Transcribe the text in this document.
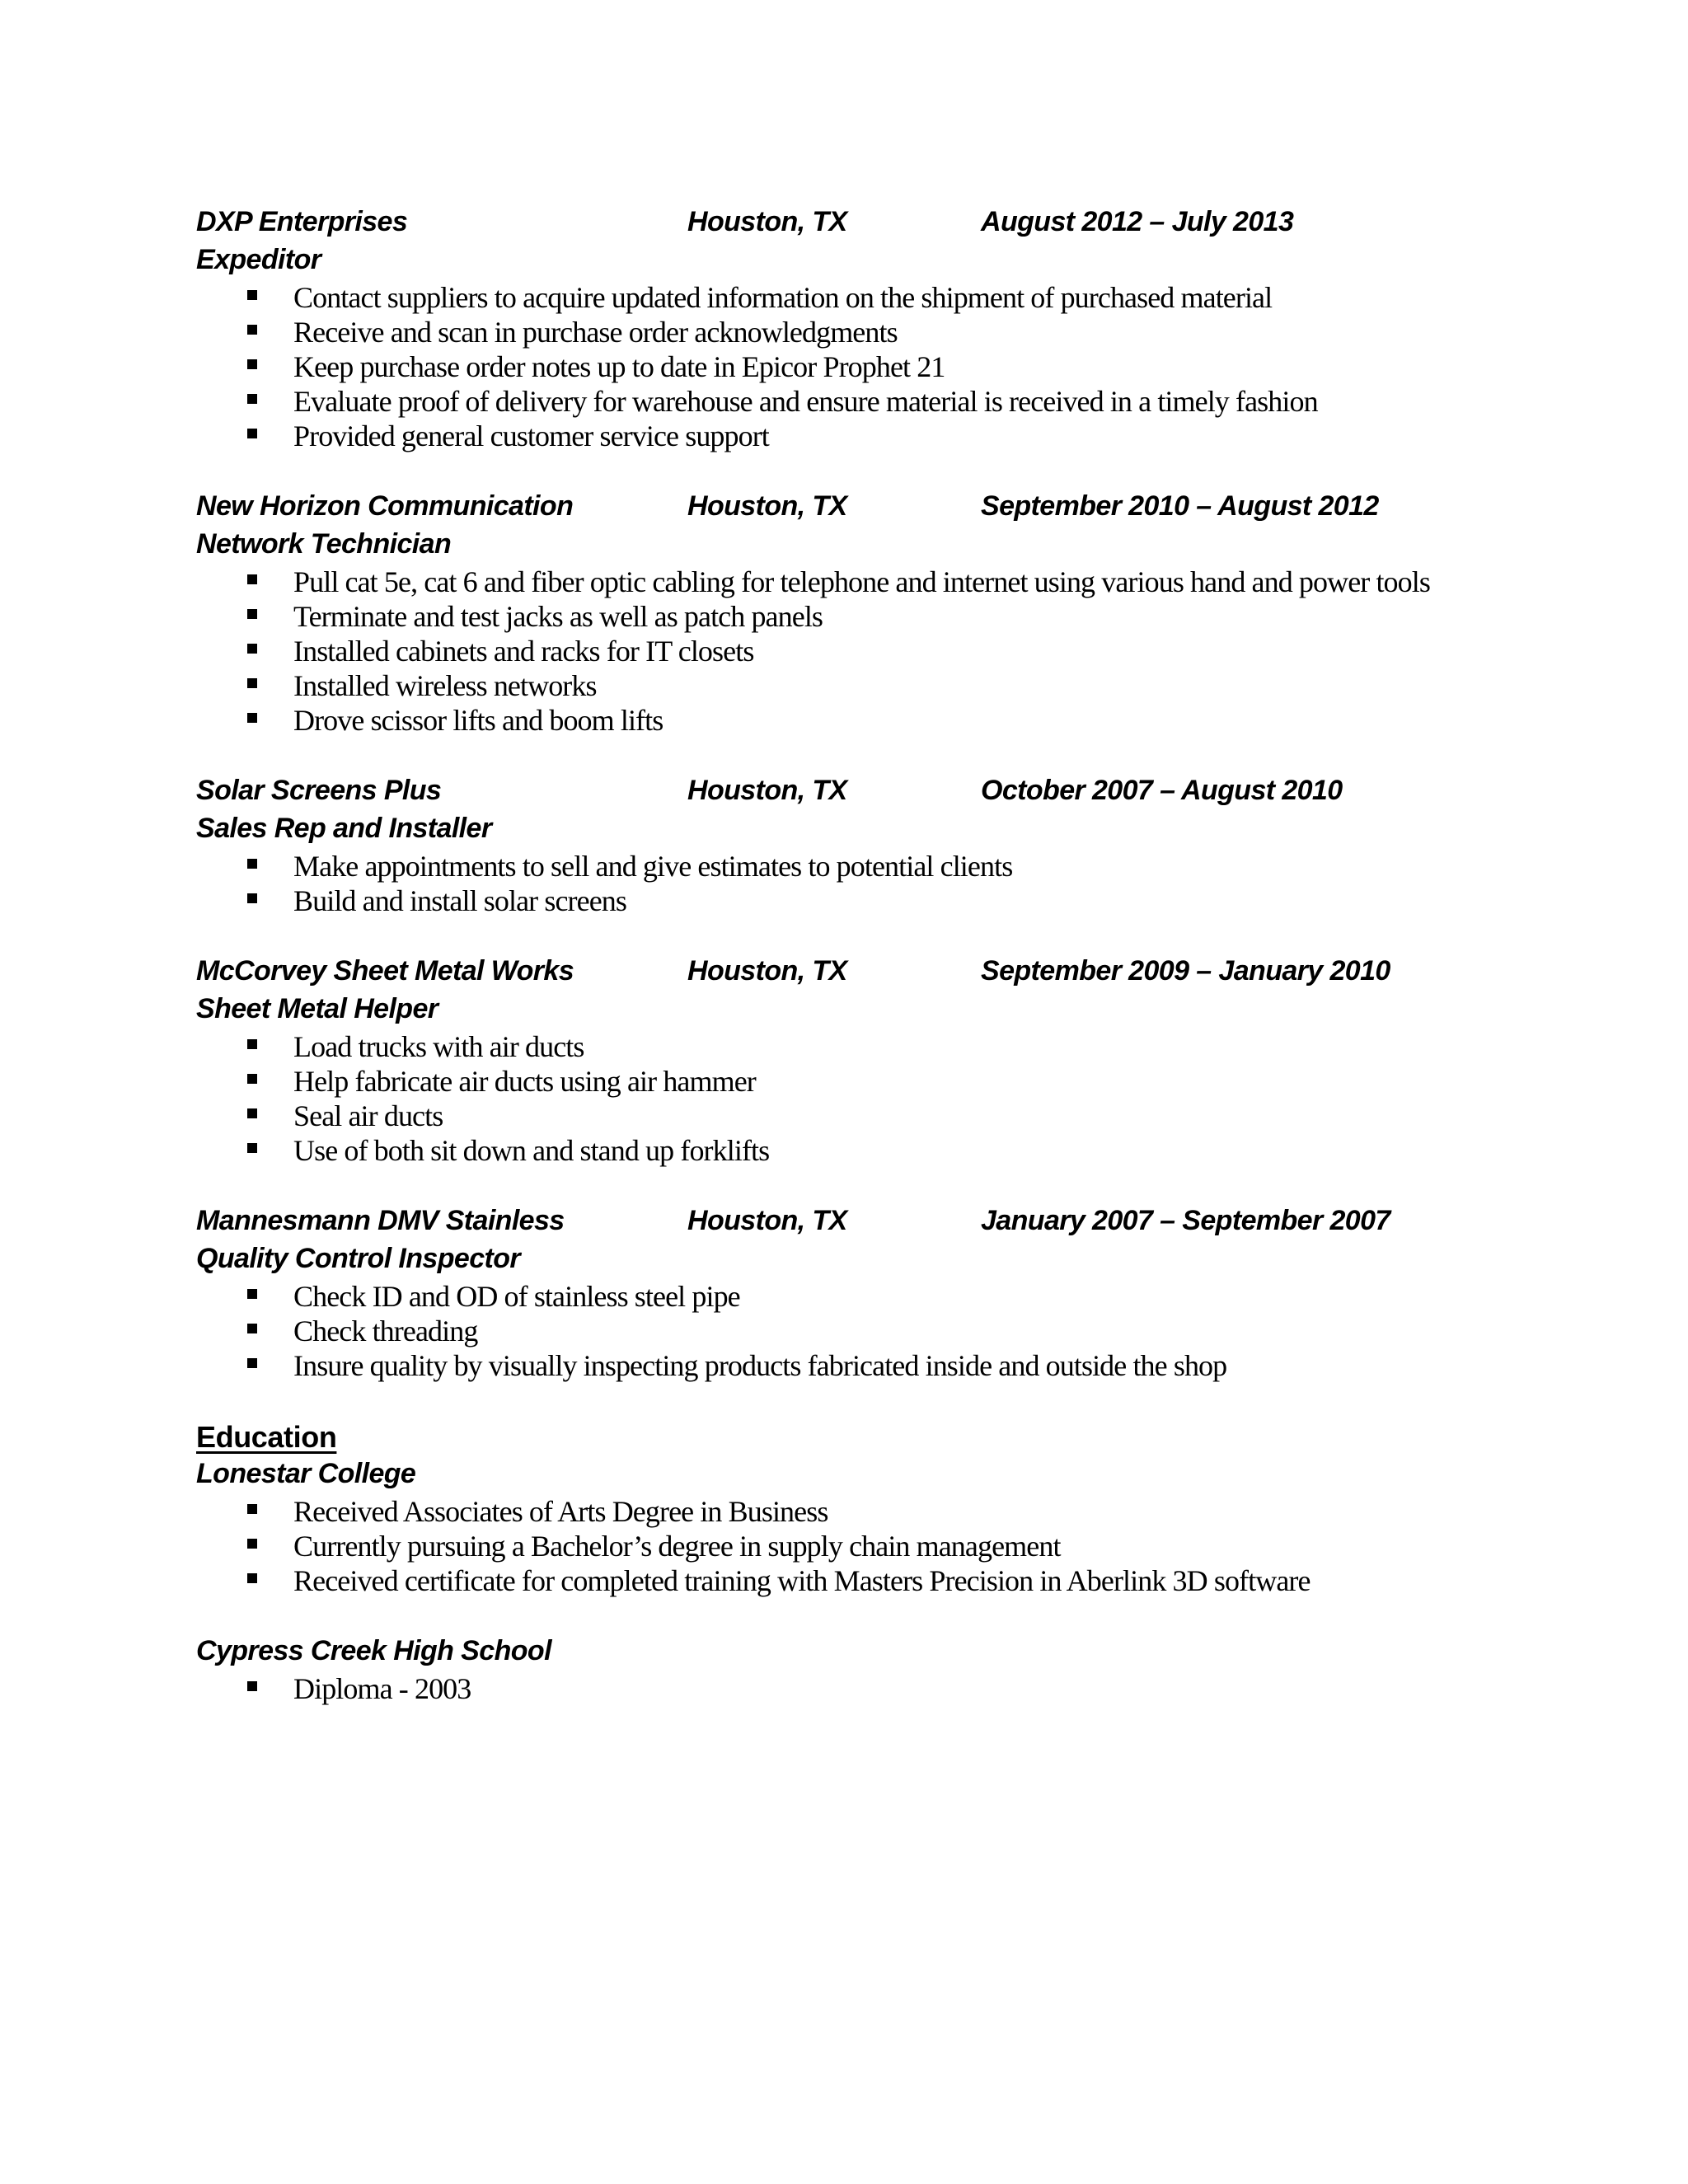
DXP Enterprises	Houston, TX	August 2012 – July 2013
Expeditor
Contact suppliers to acquire updated information on the shipment of purchased material
Receive and scan in purchase order acknowledgments
Keep purchase order notes up to date in Epicor Prophet 21
Evaluate proof of delivery for warehouse and ensure material is received in a timely fashion
Provided general customer service support
New Horizon Communication	Houston, TX	September 2010 – August 2012
Network Technician
Pull cat 5e, cat 6 and fiber optic cabling for telephone and internet using various hand and power tools
Terminate and test jacks as well as patch panels
Installed cabinets and racks for IT closets
Installed wireless networks
Drove scissor lifts and boom lifts
Solar Screens Plus	Houston, TX	October 2007 – August 2010
Sales Rep and Installer
Make appointments to sell and give estimates to potential clients
Build and install solar screens
McCorvey Sheet Metal Works	Houston, TX	September 2009 – January 2010
Sheet Metal Helper
Load trucks with air ducts
Help fabricate air ducts using air hammer
Seal air ducts
Use of both sit down and stand up forklifts
Mannesmann DMV Stainless	Houston, TX	January 2007 – September 2007
Quality Control Inspector
Check ID and OD of stainless steel pipe
Check threading
Insure quality by visually inspecting products fabricated inside and outside the shop
Education
Lonestar College
Received Associates of Arts Degree in Business
Currently pursuing a Bachelor’s degree in supply chain management
Received certificate for completed training with Masters Precision in Aberlink 3D software
Cypress Creek High School
Diploma - 2003
